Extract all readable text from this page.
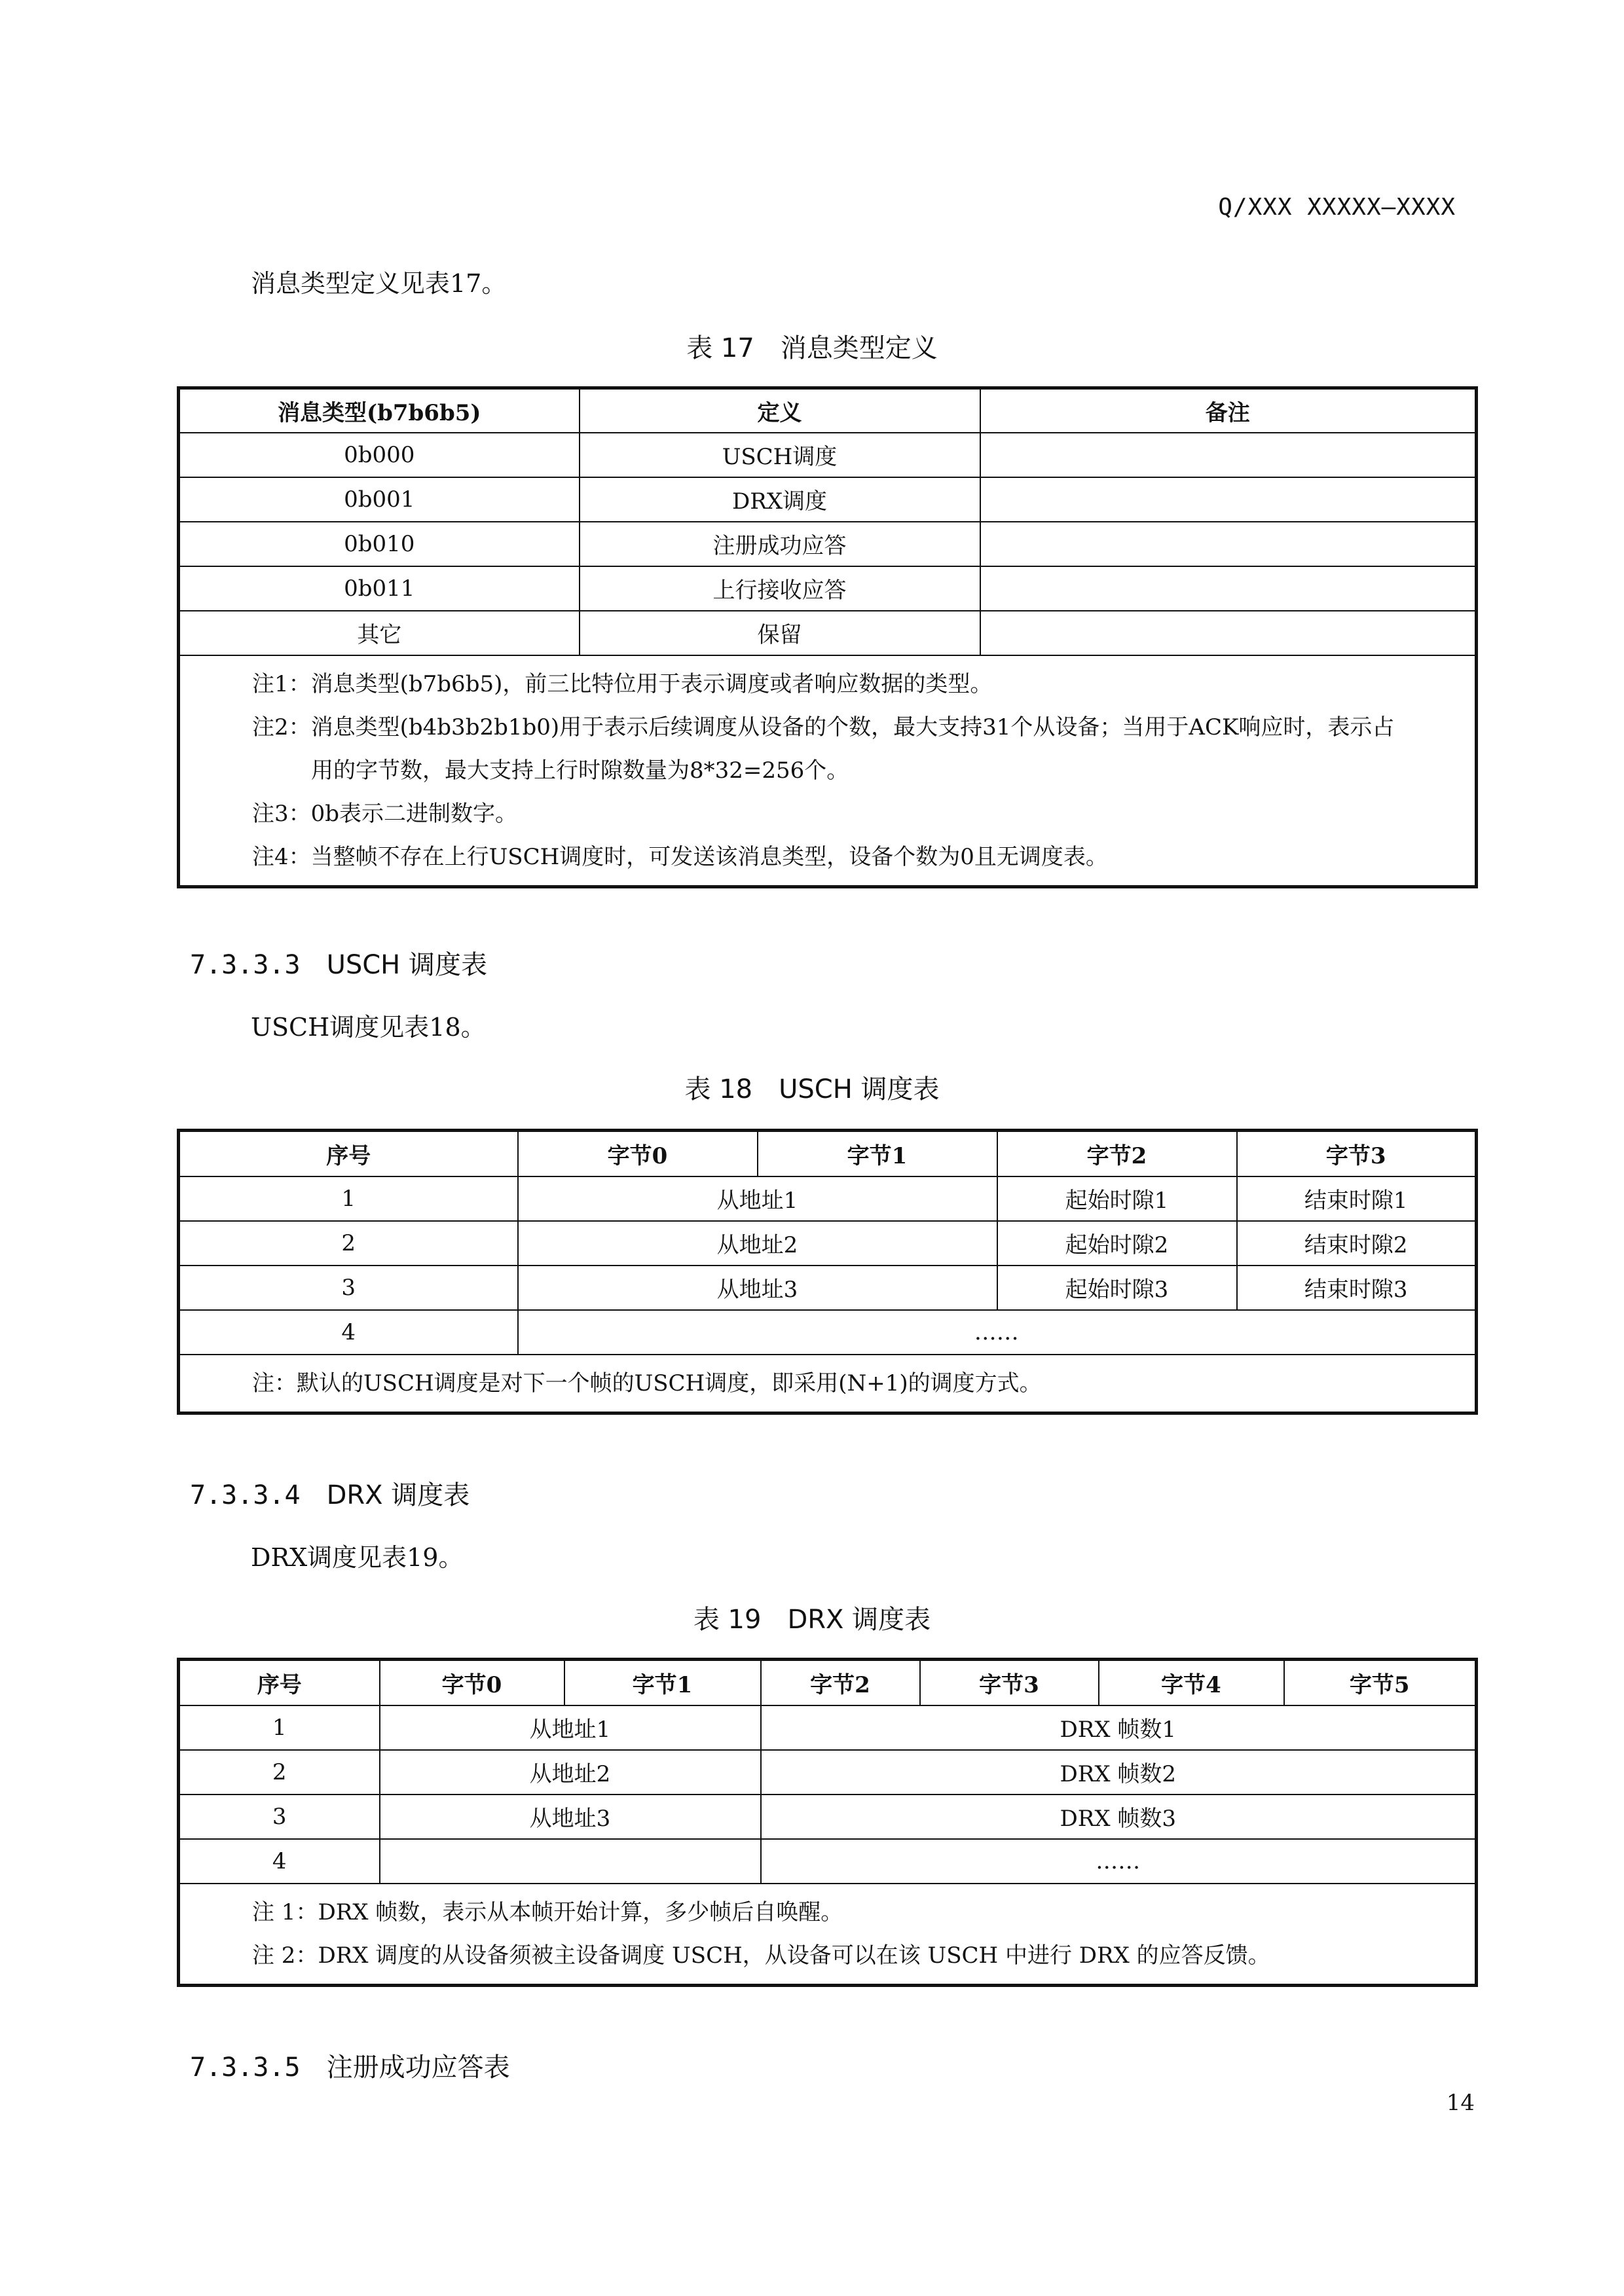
Q/XXX XXXXX—XXXX
消息类型定义见表17。
表 17　消息类型定义
消息类型(b7b6b5)	定义	备注
0b000	USCH调度	
0b001	DRX调度	
0b010	注册成功应答	
0b011	上行接收应答	
其它	保留	

注1：消息类型(b7b6b5)，前三比特位用于表示调度或者响应数据的类型。
注2：消息类型(b4b3b2b1b0)用于表示后续调度从设备的个数，最大支持31个从设备；当用于ACK响应时，表示占
用的字节数，最大支持上行时隙数量为8*32=256个。
注3：0b表示二进制数字。
注4：当整帧不存在上行USCH调度时，可发送该消息类型，设备个数为0且无调度表。		
7.3.3.3 USCH 调度表
USCH调度见表18。
表 18　USCH 调度表
序号	字节0	字节1	字节2	字节3
1	从地址1		起始时隙1	结束时隙1
2	从地址2		起始时隙2	结束时隙2
3	从地址3		起始时隙3	结束时隙3
4	……			
注：默认的USCH调度是对下一个帧的USCH调度，即采用(N+1)的调度方式。				
7.3.3.4 DRX 调度表
DRX调度见表19。
表 19　DRX 调度表
序号	字节0	字节1	字节2	字节3	字节4	字节5
1	从地址1		DRX 帧数1			
2	从地址2		DRX 帧数2			
3	从地址3		DRX 帧数3			
4			……			

注 1：DRX 帧数，表示从本帧开始计算，多少帧后自唤醒。
注 2：DRX 调度的从设备须被主设备调度 USCH，从设备可以在该 USCH 中进行 DRX 的应答反馈。						
7.3.3.5 注册成功应答表
14
